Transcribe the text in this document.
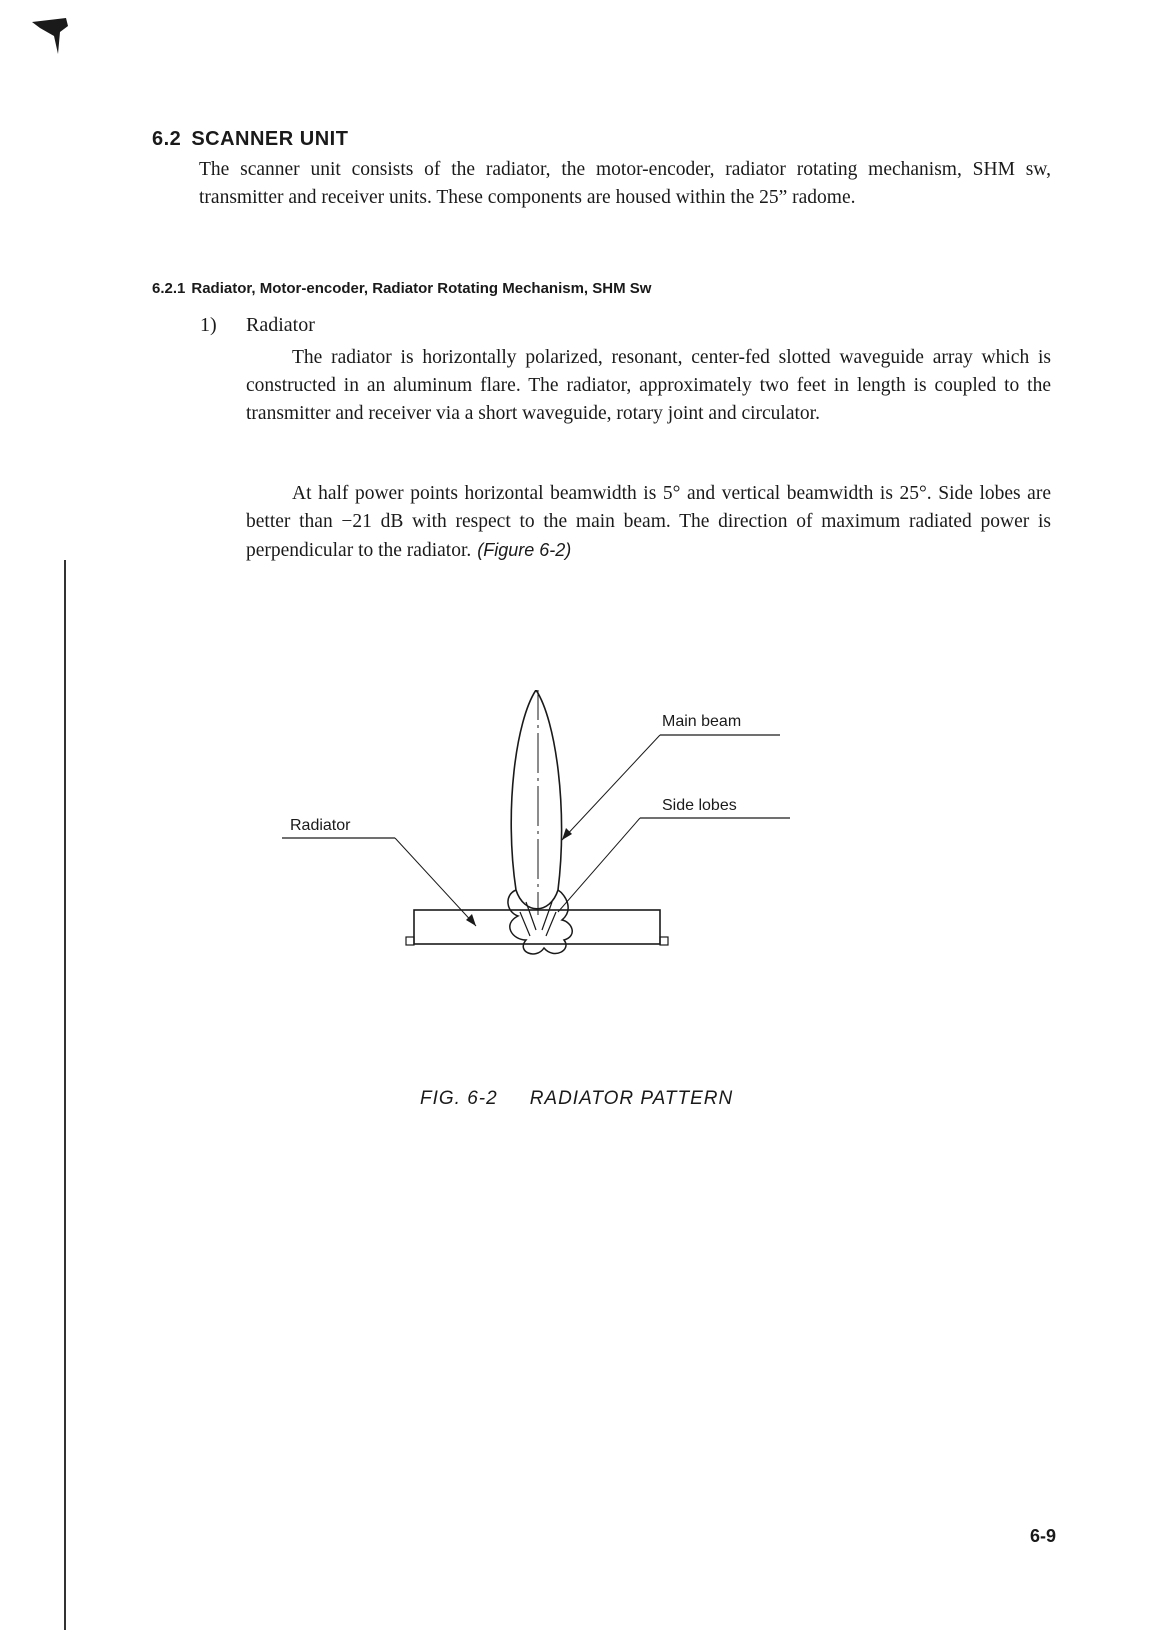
6.2 SCANNER UNIT
The scanner unit consists of the radiator, the motor-encoder, radiator rotating mechanism, SHM sw, transmitter and receiver units. These components are housed within the 25” radome.
6.2.1 Radiator, Motor-encoder, Radiator Rotating Mechanism, SHM Sw
1) Radiator
The radiator is horizontally polarized, resonant, center-fed slotted waveguide array which is constructed in an aluminum flare. The radiator, approximately two feet in length is coupled to the transmitter and receiver via a short waveguide, rotary joint and circulator.
At half power points horizontal beamwidth is 5° and vertical beamwidth is 25°. Side lobes are better than −21 dB with respect to the main beam. The direction of maximum radiated power is perpendicular to the radiator. (Figure 6-2)
Main beam
Side lobes
Radiator
FIG. 6-2 RADIATOR PATTERN
6-9
